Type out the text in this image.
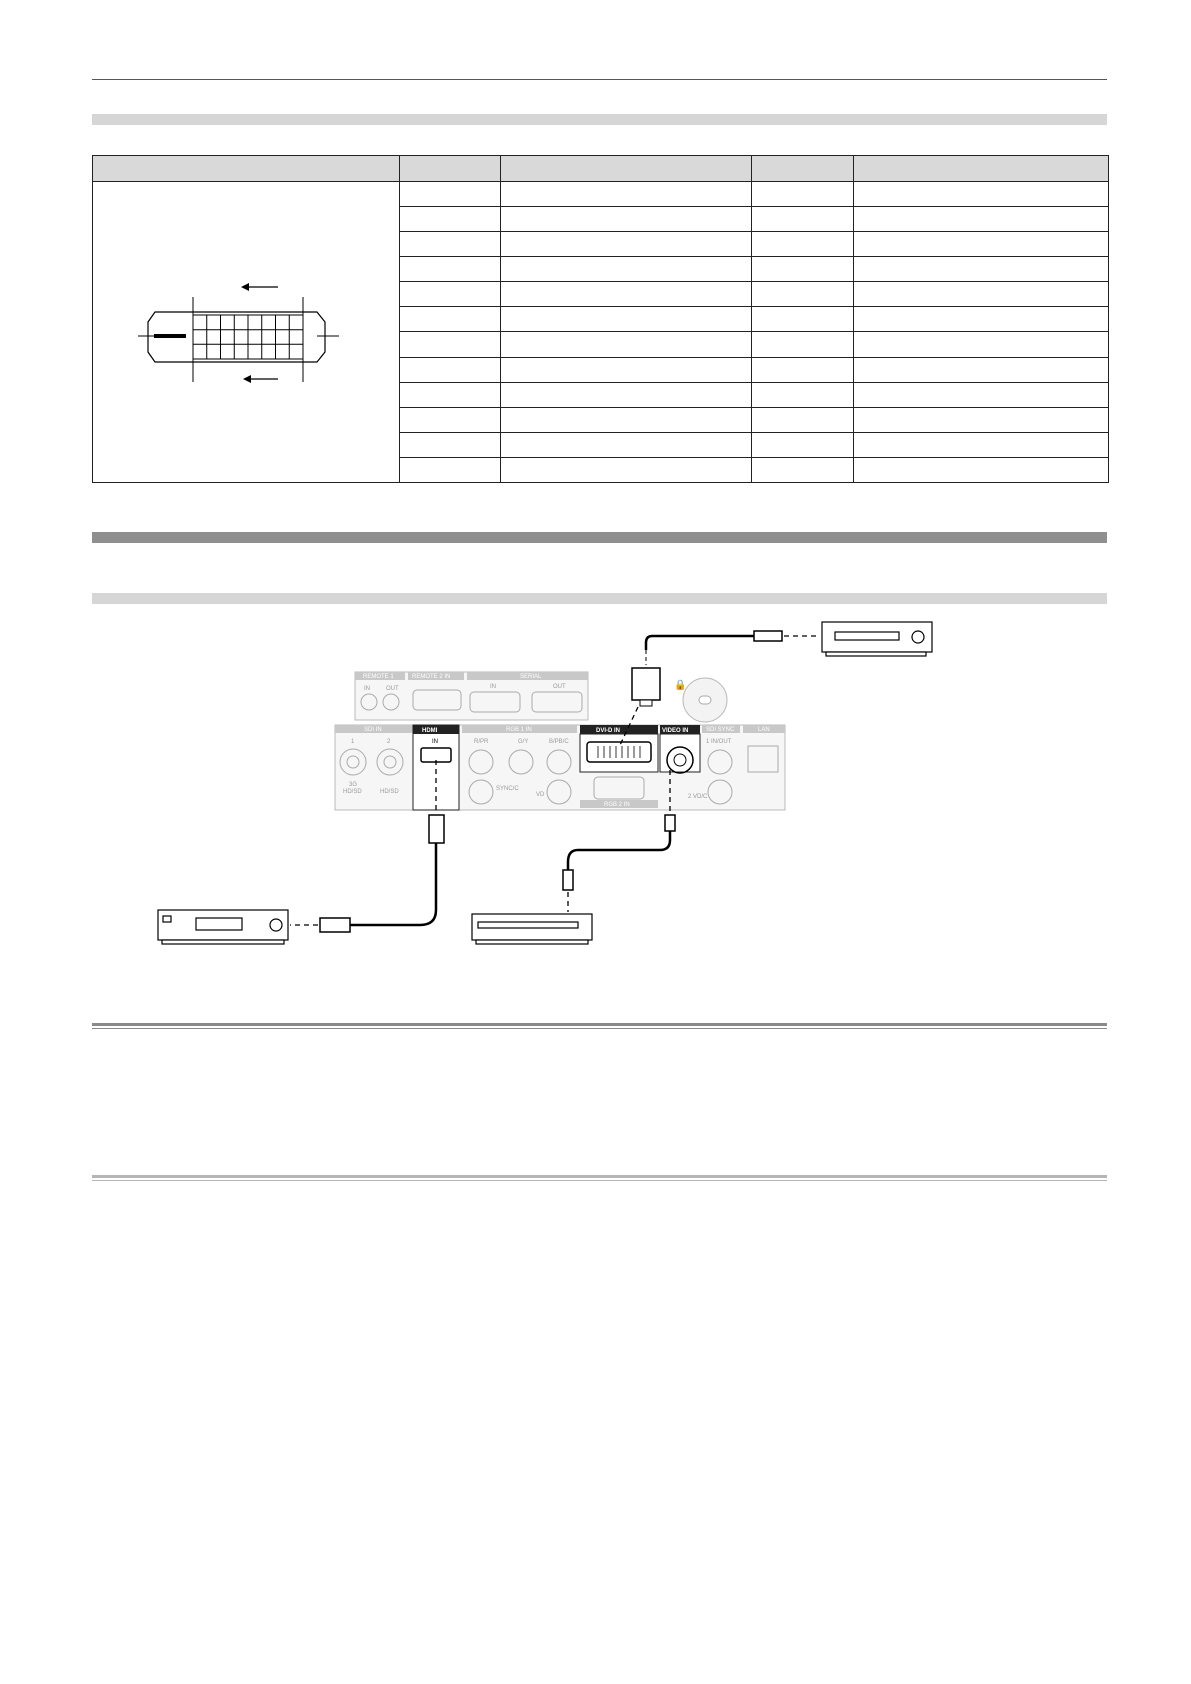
REMOTE 1
IN	OUT
REMOTE 2 IN	SERIAL
IN	OUT	🔒
SDI IN
1	2
3G
HD/SD	HD/SD
HDMI
IN
RGB 1 IN
R/PR	G/Y	B/PB/C
SYNC/C
VD
DVI-D IN
RGB 2 IN
VIDEO IN	SDI SYNC
1 IN/OUT
2 VD/C
LAN
